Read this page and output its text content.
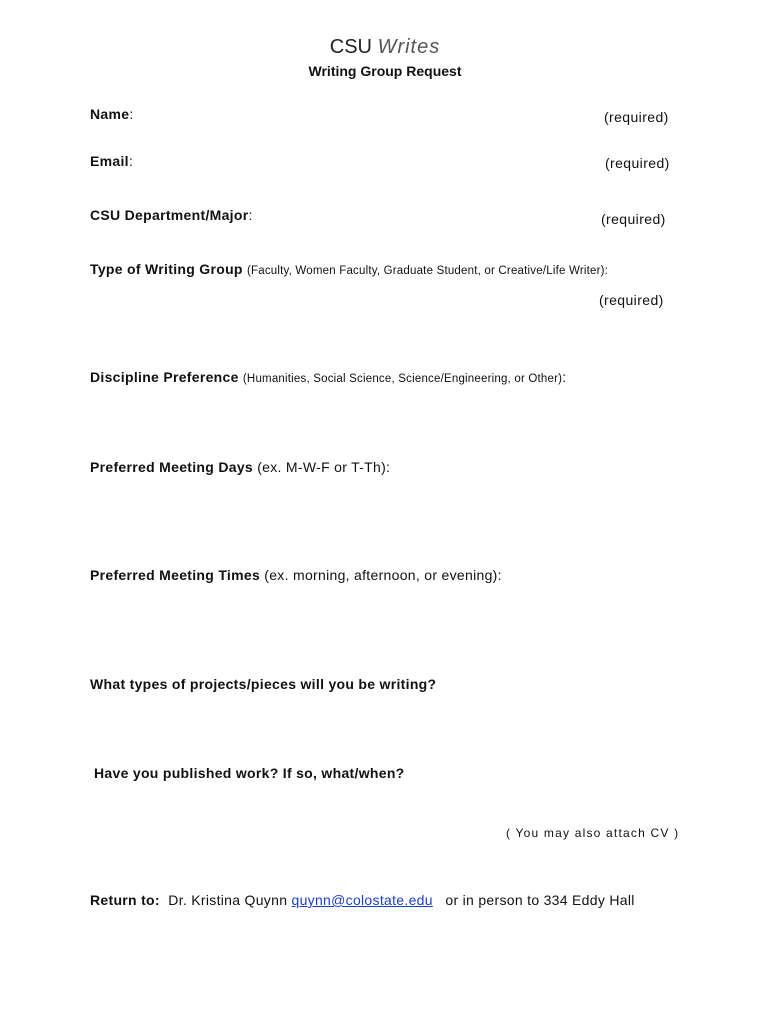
CSU Writes
Writing Group Request
Name:	(required)
Email:	(required)
CSU Department/Major:	(required)
Type of Writing Group (Faculty, Women Faculty, Graduate Student, or Creative/Life Writer):
(required)
Discipline Preference (Humanities, Social Science, Science/Engineering, or Other):
Preferred Meeting Days (ex. M-W-F or T-Th):
Preferred Meeting Times (ex. morning, afternoon, or evening):
What types of projects/pieces will you be writing?
Have you published work? If so, what/when?
( You may also attach CV )
Return to: Dr. Kristina Quynn quynn@colostate.edu or in person to 334 Eddy Hall
